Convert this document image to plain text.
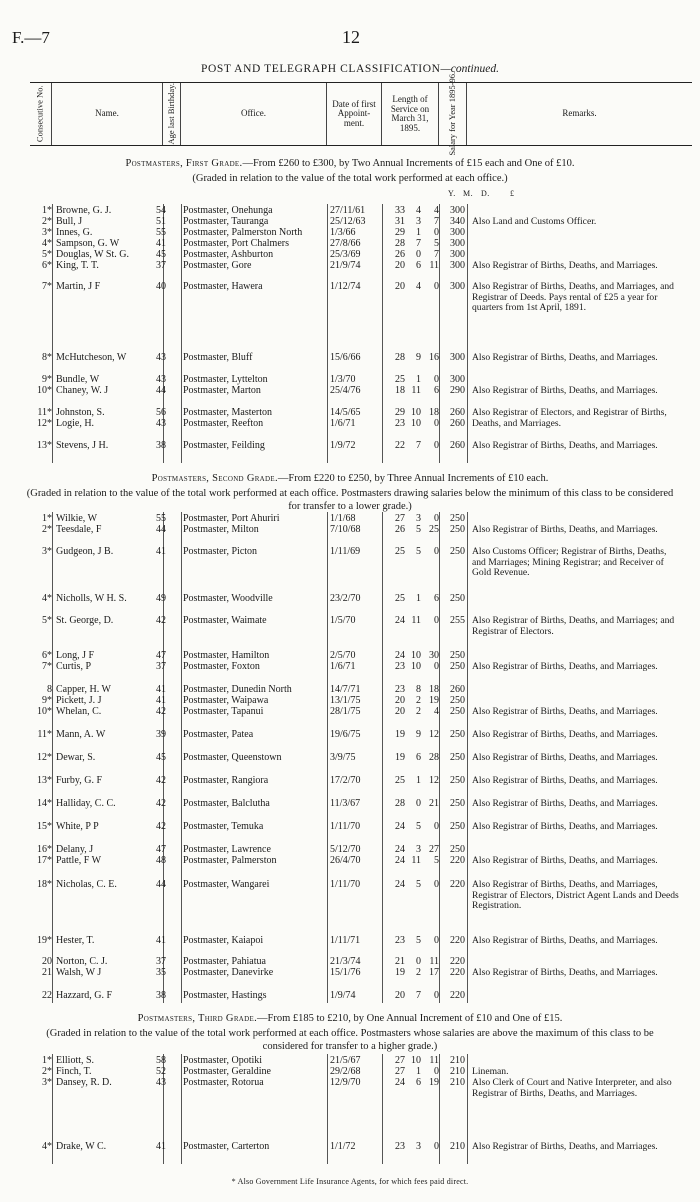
F.—7	12
POST AND TELEGRAPH CLASSIFICATION—continued.
Consecutive No.	Name.	Age last Birthday.	Office.
Date of first Appoint-ment.
Length of Service on March 31, 1895.	Salary for Year 1895-96.	Remarks.
Postmasters, First Grade.—From £260 to £300, by Two Annual Increments of £15 each and One of £10.
(Graded in relation to the value of the total work performed at each office.)
Y. M. D.	£
1* Browne, G. J.	54 Postmaster, Onehunga	27/11/61	33	4	4	300
2* Bull, J	51 Postmaster, Tauranga	25/12/63	31	3	7	340 Also Land and Customs Officer.
3* Innes, G.	55 Postmaster, Palmerston North	1/3/66	29	1	0	300
4* Sampson, G. W	41 Postmaster, Port Chalmers	27/8/66	28	7	5	300
5* Douglas, W St. G.	45 Postmaster, Ashburton	25/3/69	26	0	7	300
6* King, T. T.	37 Postmaster, Gore	21/9/74	20	6 11	300 Also Registrar of Births, Deaths, and Marriages.
7* Martin, J F	40 Postmaster, Hawera	1/12/74	20	4	0	300 Also Registrar of Births, Deaths, and Marriages, and Registrar of Deeds. Pays rental of £25 a year for quarters from 1st April, 1891.
8* McHutcheson, W	43 Postmaster, Bluff	15/6/66	28	9 16	300 Also Registrar of Births, Deaths, and Marriages.
9* Bundle, W	43 Postmaster, Lyttelton	1/3/70	25	1	0	300
10* Chaney, W. J	44 Postmaster, Marton	25/4/76	18 11	6	290 Also Registrar of Births, Deaths, and Marriages.
11* Johnston, S.	56 Postmaster, Masterton	14/5/65	29 10 18	260 Also Registrar of Electors, and Registrar of Births, Deaths, and Marriages.
12* Logie, H.	43 Postmaster, Reefton	1/6/71	23 10	0	260
13* Stevens, J H.	38 Postmaster, Feilding	1/9/72	22	7	0	260 Also Registrar of Births, Deaths, and Marriages.
Postmasters, Second Grade.—From £220 to £250, by Three Annual Increments of £10 each.
(Graded in relation to the value of the total work performed at each office. Postmasters drawing salaries below the minimum of this class to be considered for transfer to a lower grade.)
1* Wilkie, W	55 Postmaster, Port Ahuriri	1/1/68	27	3	0	250
2* Teesdale, F	44 Postmaster, Milton	7/10/68	26	5 25	250 Also Registrar of Births, Deaths, and Marriages.
3* Gudgeon, J B.	41 Postmaster, Picton	1/11/69	25	5	0	250 Also Customs Officer; Registrar of Births, Deaths, and Marriages; Mining Registrar; and Receiver of Gold Revenue.
4* Nicholls, W H. S.	49 Postmaster, Woodville	23/2/70	25	1	6	250
5* St. George, D.	42 Postmaster, Waimate	1/5/70	24 11	0	255 Also Registrar of Births, Deaths, and Marriages; and Registrar of Electors.
6* Long, J F	47 Postmaster, Hamilton	2/5/70	24 10 30	250
7* Curtis, P	37 Postmaster, Foxton	1/6/71	23 10	0	250 Also Registrar of Births, Deaths, and Marriages.
8 Capper, H. W	41 Postmaster, Dunedin North	14/7/71	23	8 18	260
9* Pickett, J. J	41 Postmaster, Waipawa	13/1/75	20	2 19	250
10* Whelan, C.	42 Postmaster, Tapanui	28/1/75	20	2	4	250 Also Registrar of Births, Deaths, and Marriages.
11* Mann, A. W	39 Postmaster, Patea	19/6/75	19	9 12	250 Also Registrar of Births, Deaths, and Marriages.
12* Dewar, S.	45 Postmaster, Queenstown	3/9/75	19	6 28	250 Also Registrar of Births, Deaths, and Marriages.
13* Furby, G. F	42 Postmaster, Rangiora	17/2/70	25	1 12	250 Also Registrar of Births, Deaths, and Marriages.
14* Halliday, C. C.	42 Postmaster, Balclutha	11/3/67	28	0 21	250 Also Registrar of Births, Deaths, and Marriages.
15* White, P P	42 Postmaster, Temuka	1/11/70	24	5	0	250 Also Registrar of Births, Deaths, and Marriages.
16* Delany, J	47 Postmaster, Lawrence	5/12/70	24	3 27	250
17* Pattle, F W	48 Postmaster, Palmerston	26/4/70	24 11	5	220 Also Registrar of Births, Deaths, and Marriages.
18* Nicholas, C. E.	44 Postmaster, Wangarei	1/11/70	24	5	0	220 Also Registrar of Births, Deaths, and Marriages, Registrar of Electors, District Agent Lands and Deeds Registration.
19* Hester, T.	41 Postmaster, Kaiapoi	1/11/71	23	5	0	220 Also Registrar of Births, Deaths, and Marriages.
20 Norton, C. J.	37 Postmaster, Pahiatua	21/3/74	21	0 11	220
21 Walsh, W J	35 Postmaster, Danevirke	15/1/76	19	2 17	220 Also Registrar of Births, Deaths, and Marriages.
22 Hazzard, G. F	38 Postmaster, Hastings	1/9/74	20	7	0	220
Postmasters, Third Grade.—From £185 to £210, by One Annual Increment of £10 and One of £15.
(Graded in relation to the value of the total work performed at each office. Postmasters whose salaries are above the maximum of this class to be considered for transfer to a higher grade.)
1* Elliott, S.	58 Postmaster, Opotiki	21/5/67	27 10 11	210
2* Finch, T.	52 Postmaster, Geraldine	29/2/68	27	1	0	210 Lineman.
3* Dansey, R. D.	43 Postmaster, Rotorua	12/9/70	24	6 19	210 Also Clerk of Court and Native Interpreter, and also Registrar of Births, Deaths, and Marriages.
4* Drake, W C.	41 Postmaster, Carterton	1/1/72	23	3	0	210 Also Registrar of Births, Deaths, and Marriages.
* Also Government Life Insurance Agents, for which fees paid direct.
